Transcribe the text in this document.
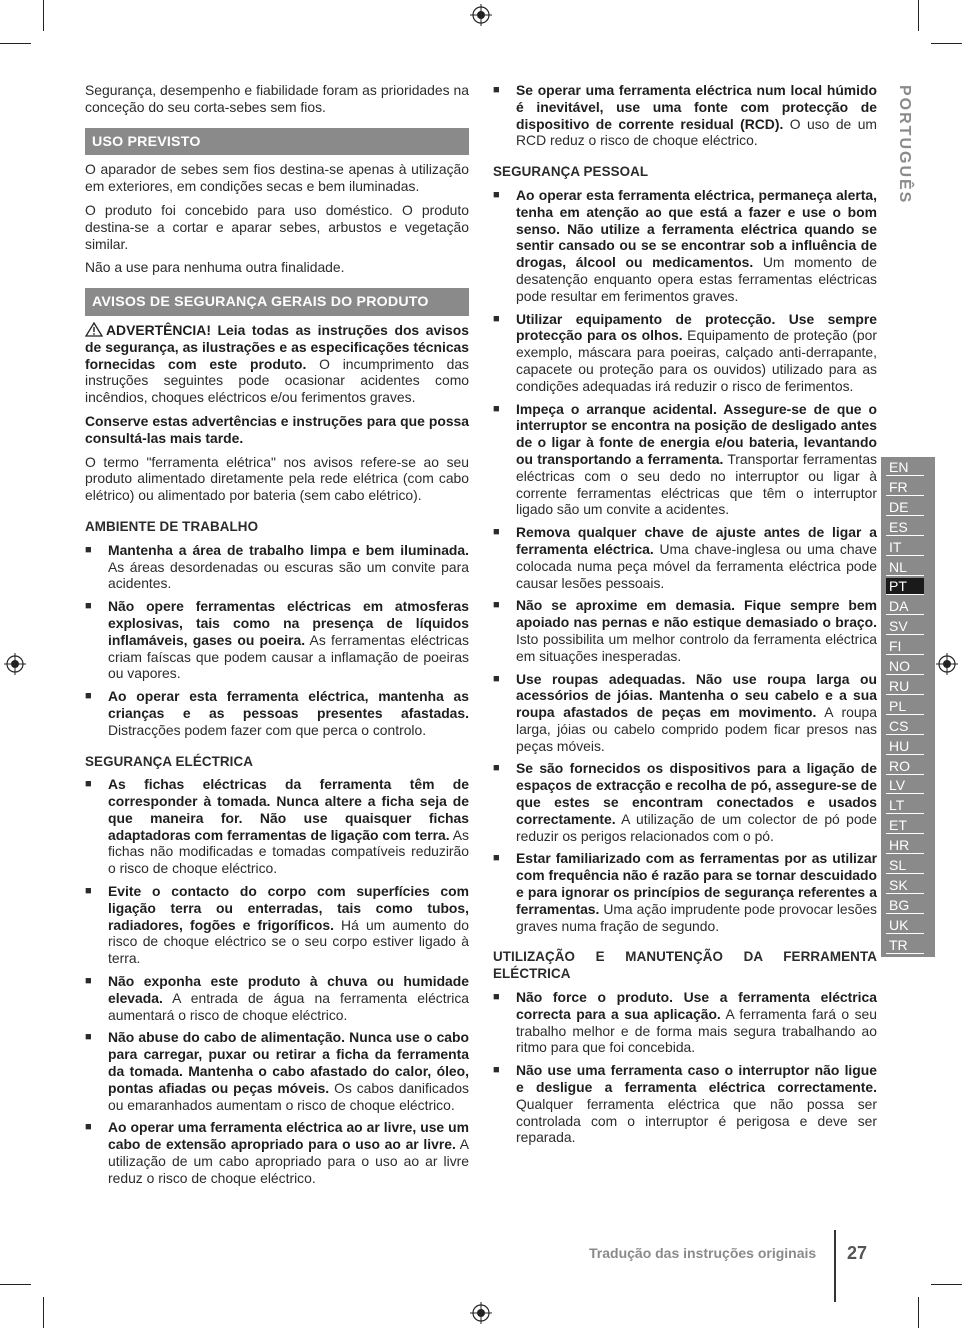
Segurança, desempenho e fiabilidade foram as prioridades na conceção do seu corta-sebes sem fios.

USO PREVISTO

O aparador de sebes sem fios destina-se apenas à utilização em exteriores, em condições secas e bem iluminadas.

O produto foi concebido para uso doméstico. O produto destina-se a cortar e aparar sebes, arbustos e vegetação similar.

Não a use para nenhuma outra finalidade.

AVISOS DE SEGURANÇA GERAIS DO PRODUTO

ADVERTÊNCIA! Leia todas as instruções dos avisos de segurança, as ilustrações e as especificações técnicas fornecidas com este produto. O incumprimento das instruções seguintes pode ocasionar acidentes como incêndios, choques eléctricos e/ou ferimentos graves.

Conserve estas advertências e instruções para que possa consultá-las mais tarde.

O termo "ferramenta elétrica" nos avisos refere-se ao seu produto alimentado diretamente pela rede elétrica (com cabo elétrico) ou alimentado por bateria (sem cabo elétrico).

AMBIENTE DE TRABALHO
■ Mantenha a área de trabalho limpa e bem iluminada. As áreas desordenadas ou escuras são um convite para acidentes.
■ Não opere ferramentas eléctricas em atmosferas explosivas, tais como na presença de líquidos inflamáveis, gases ou poeira. As ferramentas eléctricas criam faíscas que podem causar a inflamação de poeiras ou vapores.
■ Ao operar esta ferramenta eléctrica, mantenha as crianças e as pessoas presentes afastadas. Distracções podem fazer com que perca o controlo.
SEGURANÇA ELÉCTRICA
■ As fichas eléctricas da ferramenta têm de corresponder à tomada. Nunca altere a ficha seja de que maneira for. Não use quaisquer fichas adaptadoras com ferramentas de ligação com terra. As fichas não modificadas e tomadas compatíveis reduzirão o risco de choque eléctrico.
■ Evite o contacto do corpo com superfícies com ligação terra ou enterradas, tais como tubos, radiadores, fogões e frigoríficos. Há um aumento do risco de choque eléctrico se o seu corpo estiver ligado à terra.
■ Não exponha este produto à chuva ou humidade elevada. A entrada de água na ferramenta eléctrica aumentará o risco de choque eléctrico.
■ Não abuse do cabo de alimentação. Nunca use o cabo para carregar, puxar ou retirar a ficha da ferramenta da tomada. Mantenha o cabo afastado do calor, óleo, pontas afiadas ou peças móveis. Os cabos danificados ou emaranhados aumentam o risco de choque eléctrico.
■ Ao operar uma ferramenta eléctrica ao ar livre, use um cabo de extensão apropriado para o uso ao ar livre. A utilização de um cabo apropriado para o uso ao ar livre reduz o risco de choque eléctrico.
■ Se operar uma ferramenta eléctrica num local húmido é inevitável, use uma fonte com protecção de dispositivo de corrente residual (RCD). O uso de um RCD reduz o risco de choque eléctrico.
SEGURANÇA PESSOAL
■ Ao operar esta ferramenta eléctrica, permaneça alerta, tenha em atenção ao que está a fazer e use o bom senso. Não utilize a ferramenta eléctrica quando se sentir cansado ou se se encontrar sob a influência de drogas, álcool ou medicamentos. Um momento de desatenção enquanto opera estas ferramentas eléctricas pode resultar em ferimentos graves.
■ Utilizar equipamento de protecção. Use sempre protecção para os olhos. Equipamento de proteção (por exemplo, máscara para poeiras, calçado anti-derrapante, capacete ou proteção para os ouvidos) utilizado para as condições adequadas irá reduzir o risco de ferimentos.
■ Impeça o arranque acidental. Assegure-se de que o interruptor se encontra na posição de desligado antes de o ligar à fonte de energia e/ou bateria, levantando ou transportando a ferramenta. Transportar ferramentas eléctricas com o seu dedo no interruptor ou ligar à corrente ferramentas eléctricas que têm o interruptor ligado são um convite a acidentes.
■ Remova qualquer chave de ajuste antes de ligar a ferramenta eléctrica. Uma chave-inglesa ou uma chave colocada numa peça móvel da ferramenta eléctrica pode causar lesões pessoais.
■ Não se aproxime em demasia. Fique sempre bem apoiado nas pernas e não estique demasiado o braço. Isto possibilita um melhor controlo da ferramenta eléctrica em situações inesperadas.
■ Use roupas adequadas. Não use roupa larga ou acessórios de jóias. Mantenha o seu cabelo e a sua roupa afastados de peças em movimento. A roupa larga, jóias ou cabelo comprido podem ficar presos nas peças móveis.
■ Se são fornecidos os dispositivos para a ligação de espaços de extracção e recolha de pó, assegure-se de que estes se encontram conectados e usados correctamente. A utilização de um colector de pó pode reduzir os perigos relacionados com o pó.
■ Estar familiarizado com as ferramentas por as utilizar com frequência não é razão para se tornar descuidado e para ignorar os princípios de segurança referentes a ferramentas. Uma ação imprudente pode provocar lesões graves numa fração de segundo.
UTILIZAÇÃO E MANUTENÇÃO DA FERRAMENTA ELÉCTRICA
■ Não force o produto. Use a ferramenta eléctrica correcta para a sua aplicação. A ferramenta fará o seu trabalho melhor e de forma mais segura trabalhando ao ritmo para que foi concebida.
■ Não use uma ferramenta caso o interruptor não ligue e desligue a ferramenta eléctrica correctamente. Qualquer ferramenta eléctrica que não possa ser controlada com o interruptor é perigosa e deve ser reparada.
PORTUGUÊS
EN
FR
DE
ES
IT
NL
PT
DA
SV
FI
NO
RU
PL
CS
HU
RO
LV
LT
ET
HR
SL
SK
BG
UK
TR
Tradução das instruções originais 27
